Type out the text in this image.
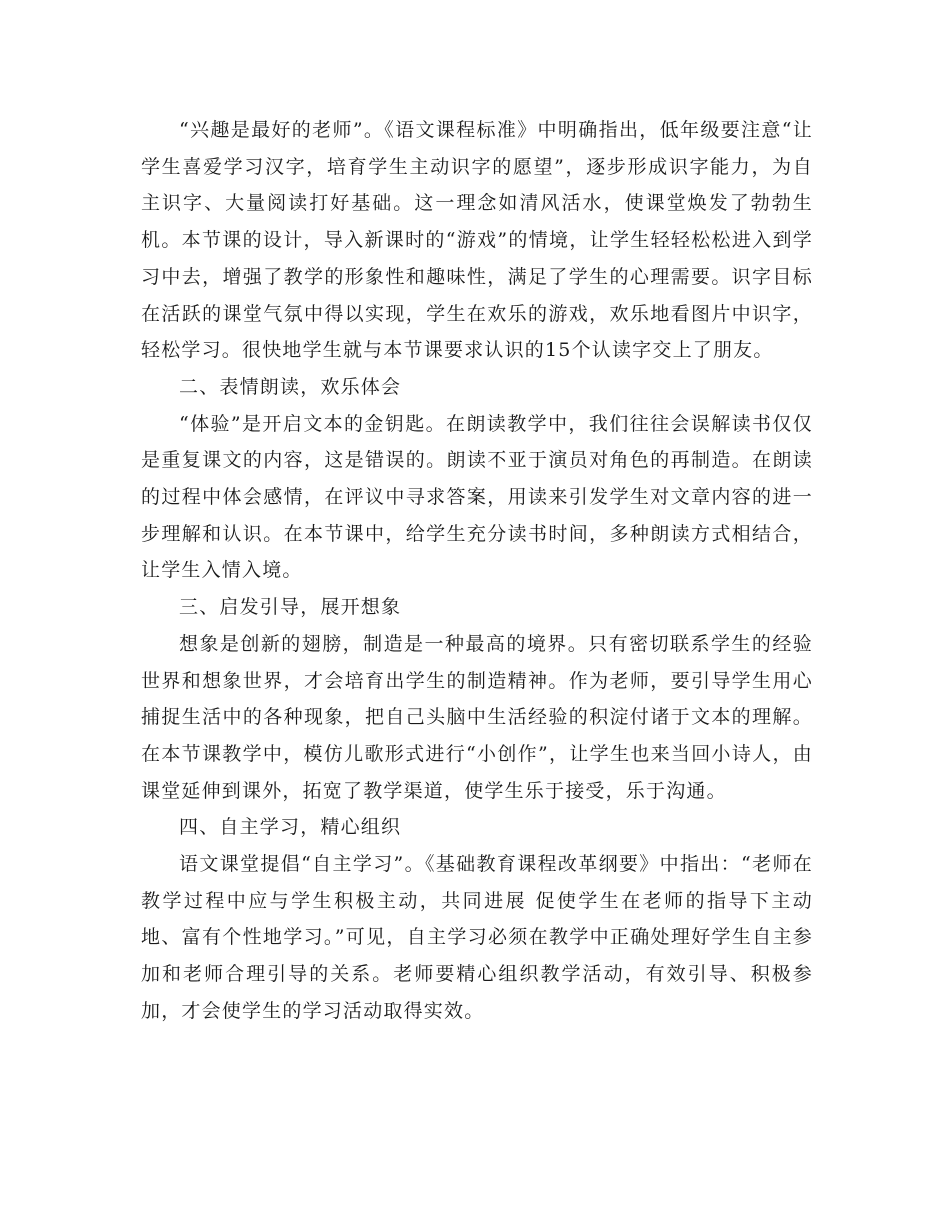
“兴趣是最好的老师”。《语文课程标准》中明确指出，低年级要注意“让学生喜爱学习汉字，培育学生主动识字的愿望”，逐步形成识字能力，为自主识字、大量阅读打好基础。这一理念如清风活水，使课堂焕发了勃勃生机。本节课的设计，导入新课时的“游戏”的情境，让学生轻轻松松进入到学习中去，增强了教学的形象性和趣味性，满足了学生的心理需要。识字目标在活跃的课堂气氛中得以实现，学生在欢乐的游戏，欢乐地看图片中识字，轻松学习。很快地学生就与本节课要求认识的15个认读字交上了朋友。

二、表情朗读，欢乐体会

“体验”是开启文本的金钥匙。在朗读教学中，我们往往会误解读书仅仅是重复课文的内容，这是错误的。朗读不亚于演员对角色的再制造。在朗读的过程中体会感情，在评议中寻求答案，用读来引发学生对文章内容的进一步理解和认识。在本节课中，给学生充分读书时间，多种朗读方式相结合，让学生入情入境。

三、启发引导，展开想象

想象是创新的翅膀，制造是一种最高的境界。只有密切联系学生的经验世界和想象世界，才会培育出学生的制造精神。作为老师，要引导学生用心捕捉生活中的各种现象，把自己头脑中生活经验的积淀付诸于文本的理解。在本节课教学中，模仿儿歌形式进行“小创作”，让学生也来当回小诗人，由课堂延伸到课外，拓宽了教学渠道，使学生乐于接受，乐于沟通。

四、自主学习，精心组织

语文课堂提倡“自主学习”。《基础教育课程改革纲要》中指出：“老师在教学过程中应与学生积极主动，共同进展 促使学生在老师的指导下主动地、富有个性地学习。”可见，自主学习必须在教学中正确处理好学生自主参加和老师合理引导的关系。老师要精心组织教学活动，有效引导、积极参加，才会使学生的学习活动取得实效。
